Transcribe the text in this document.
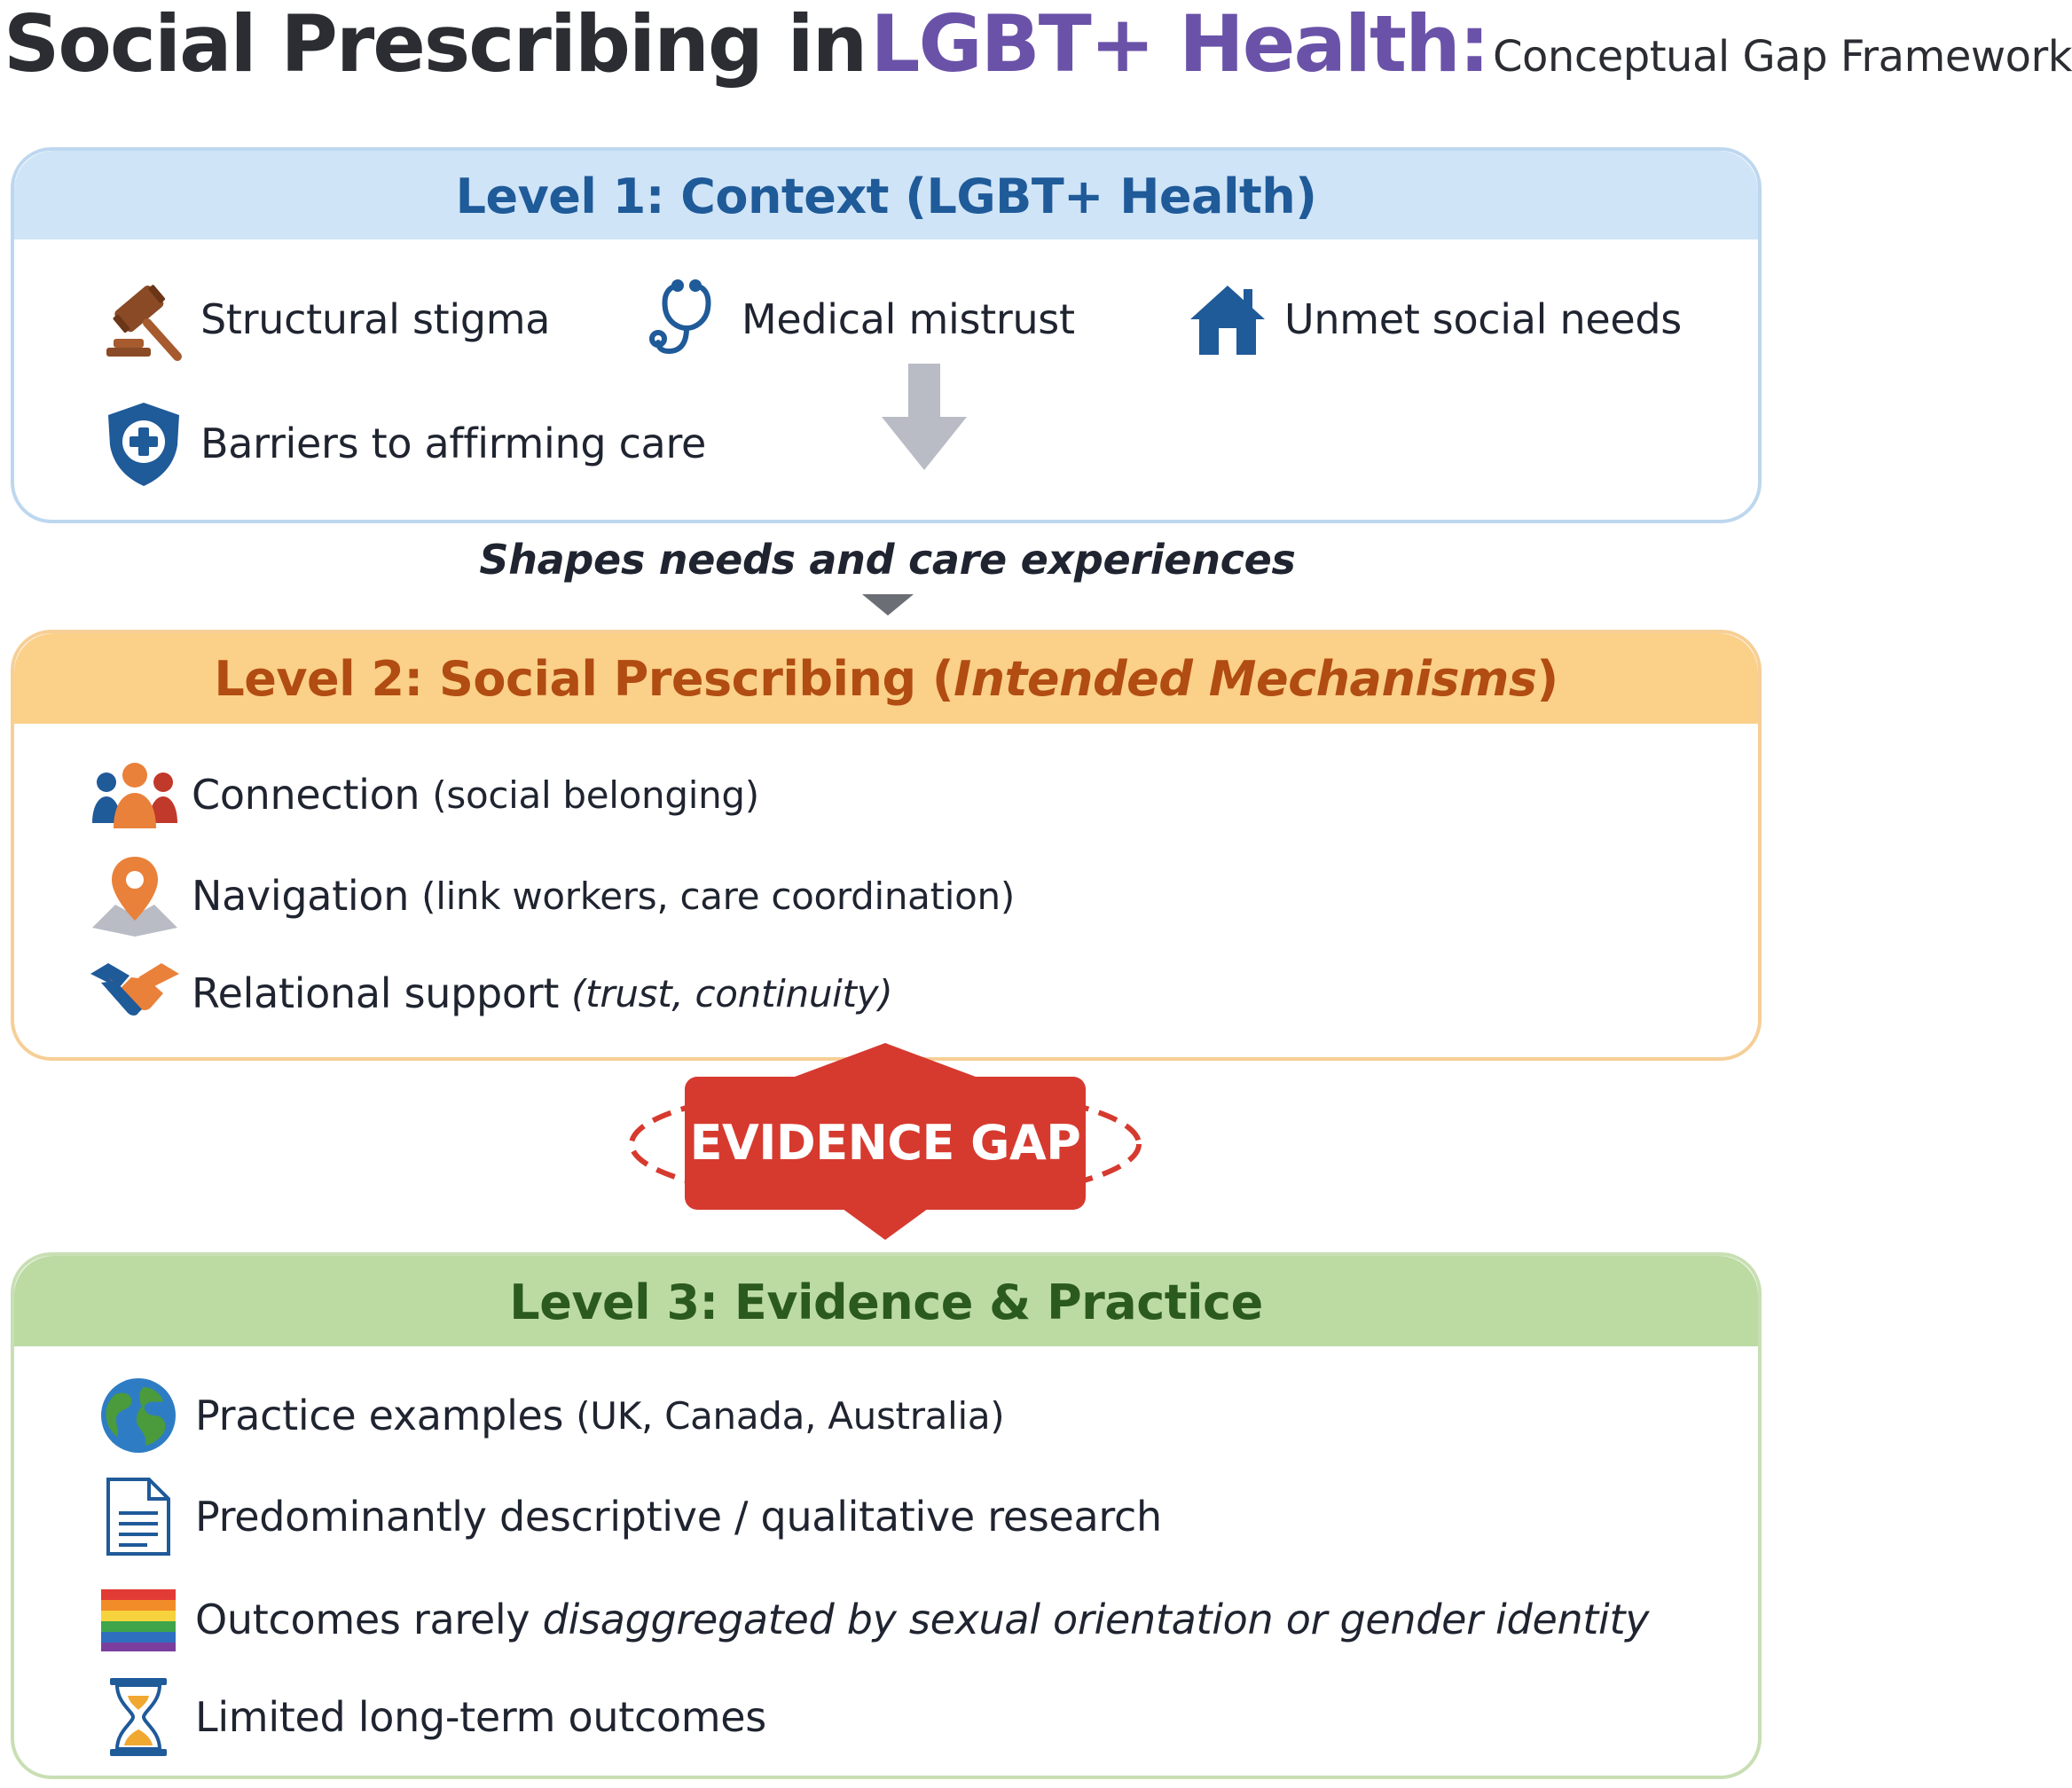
Social Prescribing in LGBT+ Health: Conceptual Gap Framework
Level 1: Context (LGBT+ Health)
Structural stigma	Medical mistrust	Unmet social needs
Barriers to affirming care
Shapes needs and care experiences
Level 2: Social Prescribing (Intended Mechanisms)
Connection (social belonging)
Navigation (link workers, care coordination)
Relational support (trust, continuity)
EVIDENCE GAP
Level 3: Evidence & Practice
Practice examples (UK, Canada, Australia)
Predominantly descriptive / qualitative research
Outcomes rarely disaggregated by sexual orientation or gender identity
Limited long-term outcomes
